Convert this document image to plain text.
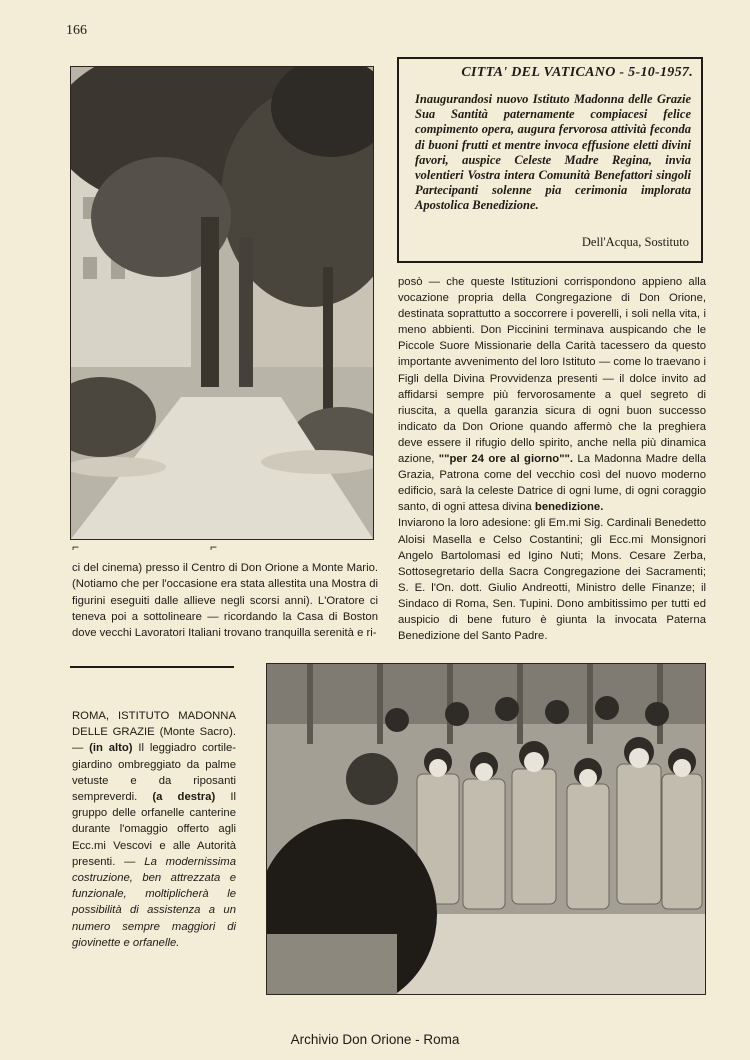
166
CITTA' DEL VATICANO - 5-10-1957.
Inaugurandosi nuovo Istituto Madonna delle Grazie Sua Santità paternamente compiacesi felice compimento opera, augura fervorosa attività feconda di buoni frutti et mentre invoca effusione eletti divini favori, auspice Celeste Madre Regina, invia volentieri Vostra intera Comunità Benefattori singoli Partecipanti solenne pia cerimonia implorata Apostolica Benedizione.
Dell'Acqua, Sostituto
posò — che queste Istituzioni corrispondono appieno alla vocazione propria della Congregazione di Don Orione, destinata soprattutto a soccorrere i poverelli, i soli nella vita, i meno abbienti. Don Piccinini terminava auspicando che le Piccole Suore Missionarie della Carità tacessero da questo importante avvenimento del loro Istituto — come lo traevano i Figli della Divina Provvidenza presenti — il dolce invito ad affidarsi sempre più fervorosamente a quel segreto di riuscita, a quella garanzia sicura di ogni buon successo indicato da Don Orione quando affermò che la preghiera deve essere il rifugio dello spirito, anche nella più dinamica azione, ""per 24 ore al giorno"". La Madonna Madre della Grazia, Patrona come del vecchio così del nuovo moderno edificio, sarà la celeste Datrice di ogni lume, di ogni coraggio santo, di ogni attesa divina benedizione.
Inviarono la loro adesione: gli Em.mi Sig. Cardinali Benedetto Aloisi Masella e Celso Costantini; gli Ecc.mi Monsignori Angelo Bartolomasi ed Igino Nuti; Mons. Cesare Zerba, Sottosegretario della Sacra Congregazione dei Sacramenti; S. E. l'On. dott. Giulio Andreotti, Ministro delle Finanze; il Sindaco di Roma, Sen. Tupini. Dono ambitissimo per tutti ed auspicio di bene futuro è giunta la invocata Paterna Benedizione del Santo Padre.
⌐	⌐
ci del cinema) presso il Centro di Don Orione a Monte Mario. (Notiamo che per l'occasione era stata allestita una Mostra di figurini eseguiti dalle allieve negli scorsi anni). L'Oratore ci teneva poi a sottolineare — ricordando la Casa di Boston dove vecchi Lavoratori Italiani trovano tranquilla serenità e ri-
ROMA, ISTITUTO MADONNA DELLE GRAZIE (Monte Sacro). — (in alto) Il leggiadro cortile-giardino ombreggiato da palme vetuste e da riposanti sempreverdi. (a destra) Il gruppo delle orfanelle canterine durante l'omaggio offerto agli Ecc.mi Vescovi e alle Autorità presenti. — La modernissima costruzione, ben attrezzata e funzionale, moltiplicherà le possibilità di assistenza a un numero sempre maggiori di giovinette e orfanelle.
Archivio Don Orione - Roma
